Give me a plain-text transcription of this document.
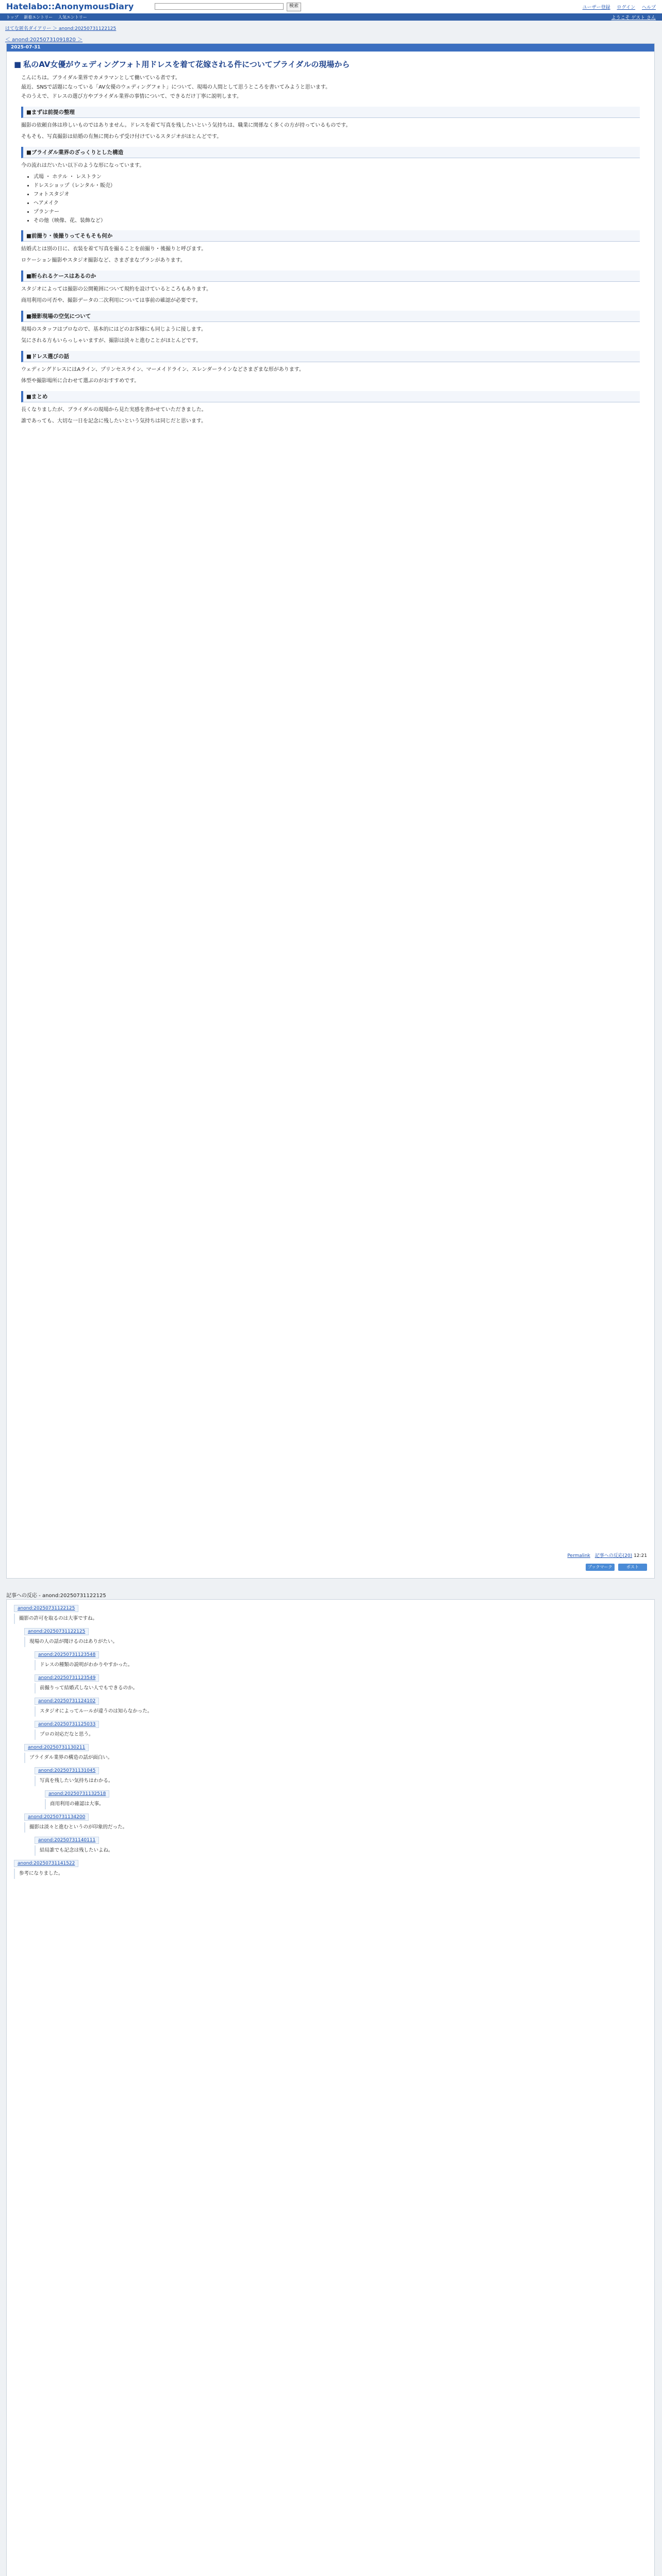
Hatelabo::AnonymousDiary	検索	ユーザー登録 ログイン ヘルプ
トップ 新着エントリー 人気エントリー	ようこそ ゲスト さん
はてな匿名ダイアリー ＞ anond:20250731122125
＜ anond:20250731091820 ＞
2025-07-31
■ 私のAV女優がウェディングフォト用ドレスを着て花嫁される件についてブライダルの現場から
こんにちは。ブライダル業界でカメラマンとして働いている者です。
最近、SNSで話題になっている「AV女優のウェディングフォト」について、現場の人間として思うところを書いてみようと思います。
そのうえで、ドレスの選び方やブライダル業界の事情について、できるだけ丁寧に説明します。
■まずは前提の整理

撮影の依頼自体は珍しいものではありません。ドレスを着て写真を残したいという気持ちは、職業に関係なく多くの方が持っているものです。

そもそも、写真撮影は結婚の有無に関わらず受け付けているスタジオがほとんどです。

■ブライダル業界のざっくりとした構造

今の流れはだいたい以下のような形になっています。

• 式場 ・ ホテル ・ レストラン
• ドレスショップ（レンタル・販売）
• フォトスタジオ
• ヘアメイク
• プランナー
• その他（映像、花、装飾など）
■前撮り・後撮りってそもそも何か

結婚式とは別の日に、衣装を着て写真を撮ることを前撮り・後撮りと呼びます。

ロケーション撮影やスタジオ撮影など、さまざまなプランがあります。

■断られるケースはあるのか

スタジオによっては撮影の公開範囲について規約を設けているところもあります。

商用利用の可否や、撮影データの二次利用については事前の確認が必要です。

■撮影現場の空気について

現場のスタッフはプロなので、基本的にはどのお客様にも同じように接します。

気にされる方もいらっしゃいますが、撮影は淡々と進むことがほとんどです。

■ドレス選びの話

ウェディングドレスにはAライン、プリンセスライン、マーメイドライン、スレンダーラインなどさまざまな形があります。

体型や撮影場所に合わせて選ぶのがおすすめです。

■まとめ

長くなりましたが、ブライダルの現場から見た実感を書かせていただきました。

誰であっても、大切な一日を記念に残したいという気持ちは同じだと思います。

Permalink 記事への反応(20) 12:21
ブックマーク	ポスト
記事への反応 - anond:20250731122125
anond:20250731122125
撮影の許可を取るのは大事ですね。
anond:20250731122125
現場の人の話が聞けるのはありがたい。
anond:20250731123548
ドレスの種類の説明がわかりやすかった。
anond:20250731123549
前撮りって結婚式しない人でもできるのか。
anond:20250731124102
スタジオによってルールが違うのは知らなかった。
anond:20250731125033
プロの対応だなと思う。
anond:20250731130211
ブライダル業界の構造の話が面白い。
anond:20250731131045
写真を残したい気持ちはわかる。
anond:20250731132518
商用利用の確認は大事。
anond:20250731134200
撮影は淡々と進むというのが印象的だった。
anond:20250731140111
結局誰でも記念は残したいよね。
anond:20250731141522
参考になりました。
